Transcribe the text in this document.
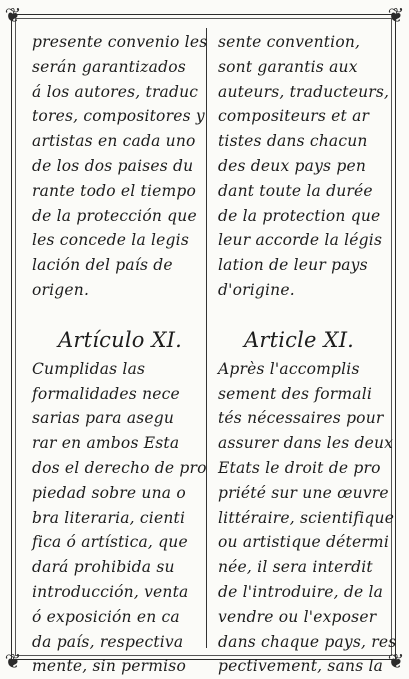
❦	❦
❦	❦
presente convenio les
serán garantizados
á los autores, traduc
tores, compositores y
artistas en cada uno
de los dos paises du
rante todo el tiempo
de la protección que
les concede la legis
lación del país de
origen.
Artículo XI.
Cumplidas las
formalidades nece
sarias para asegu
rar en ambos Esta
dos el derecho de pro
piedad sobre una o
bra literaria, cienti
fica ó artística, que
dará prohibida su
introducción, venta
ó exposición en ca
da país, respectiva
mente, sin permiso
sente convention,
sont garantis aux
auteurs, traducteurs,
compositeurs et ar
tistes dans chacun
des deux pays pen
dant toute la durée
de la protection que
leur accorde la légis
lation de leur pays
d'origine.
Article XI.
Après l'accomplis
sement des formali
tés nécessaires pour
assurer dans les deux
Etats le droit de pro
priété sur une œuvre
littéraire, scientifique
ou artistique détermi
née, il sera interdit
de l'introduire, de la
vendre ou l'exposer
dans chaque pays, res
pectivement, sans la
